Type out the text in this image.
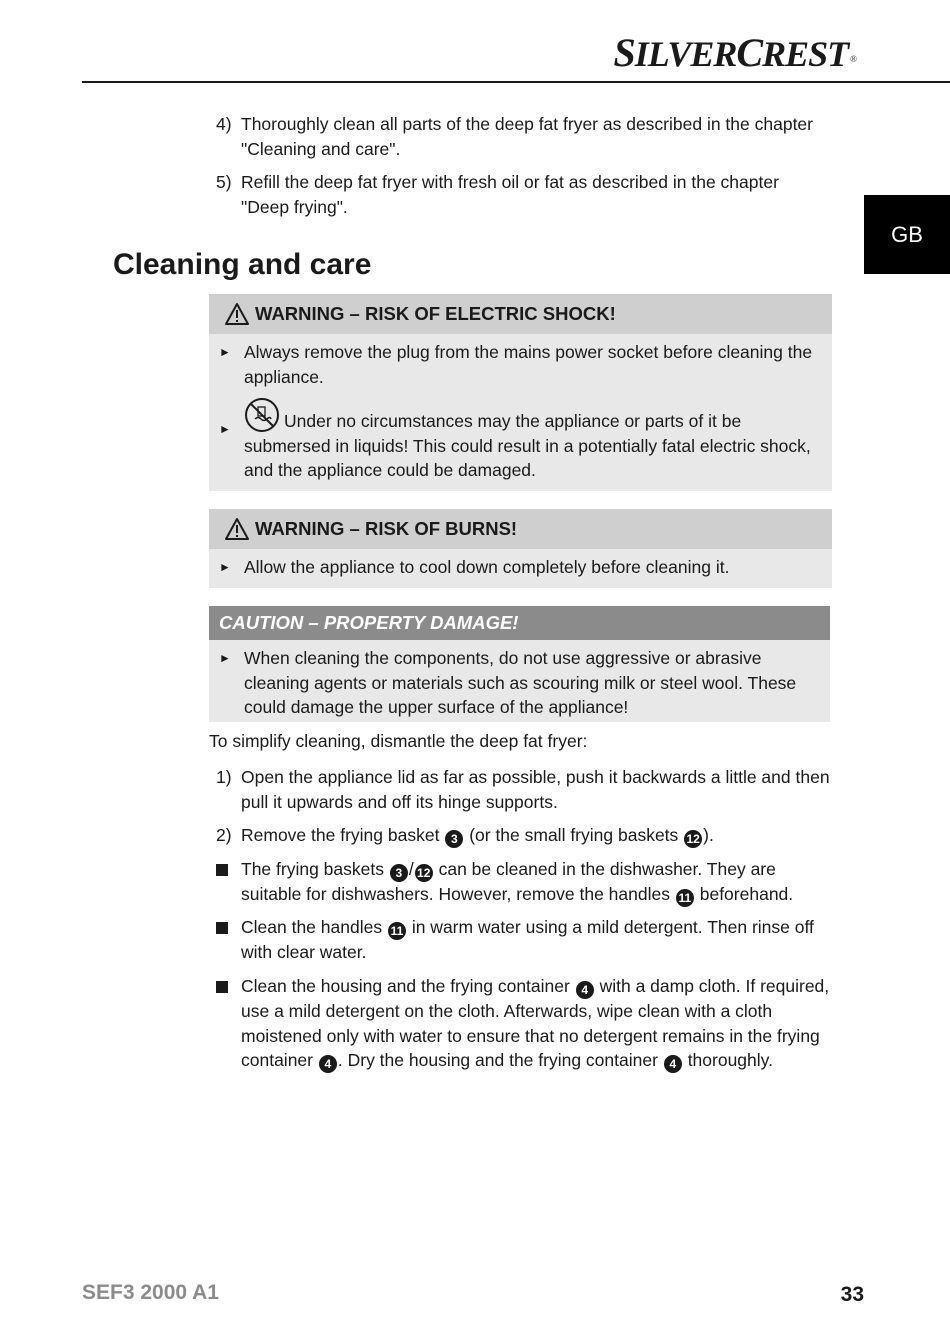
SILVERCREST ®
GB
4) Thoroughly clean all parts of the deep fat fryer as described in the chapter
"Cleaning and care".
5) Refill the deep fat fryer with fresh oil or fat as described in the chapter
"Deep frying".
Cleaning and care
WARNING – RISK OF ELECTRIC SHOCK!
► Always remove the plug from the mains power socket before cleaning the appliance.
►	Under no circumstances may the appliance or parts of it be submersed in liquids! This could result in a potentially fatal electric shock, and the appliance could be damaged.
WARNING – RISK OF BURNS!
► Allow the appliance to cool down completely before cleaning it.
CAUTION – PROPERTY DAMAGE!
► When cleaning the components, do not use aggressive or abrasive cleaning agents or materials such as scouring milk or steel wool. These could damage the upper surface of the appliance!
To simplify cleaning, dismantle the deep fat fryer:
1) Open the appliance lid as far as possible, push it backwards a little and then pull it upwards and off its hinge supports.
2) Remove the frying basket 3 (or the small frying baskets 12 ).
The frying baskets 3 / 12 can be cleaned in the dishwasher. They are suitable for dishwashers. However, remove the handles 11 beforehand.
Clean the handles 11 in warm water using a mild detergent. Then rinse off with clear water.
Clean the housing and the frying container 4 with a damp cloth. If required, use a mild detergent on the cloth. Afterwards, wipe clean with a cloth moistened only with water to ensure that no detergent remains in the frying container 4 . Dry the housing and the frying container 4 thoroughly.
SEF3 2000 A1	33
